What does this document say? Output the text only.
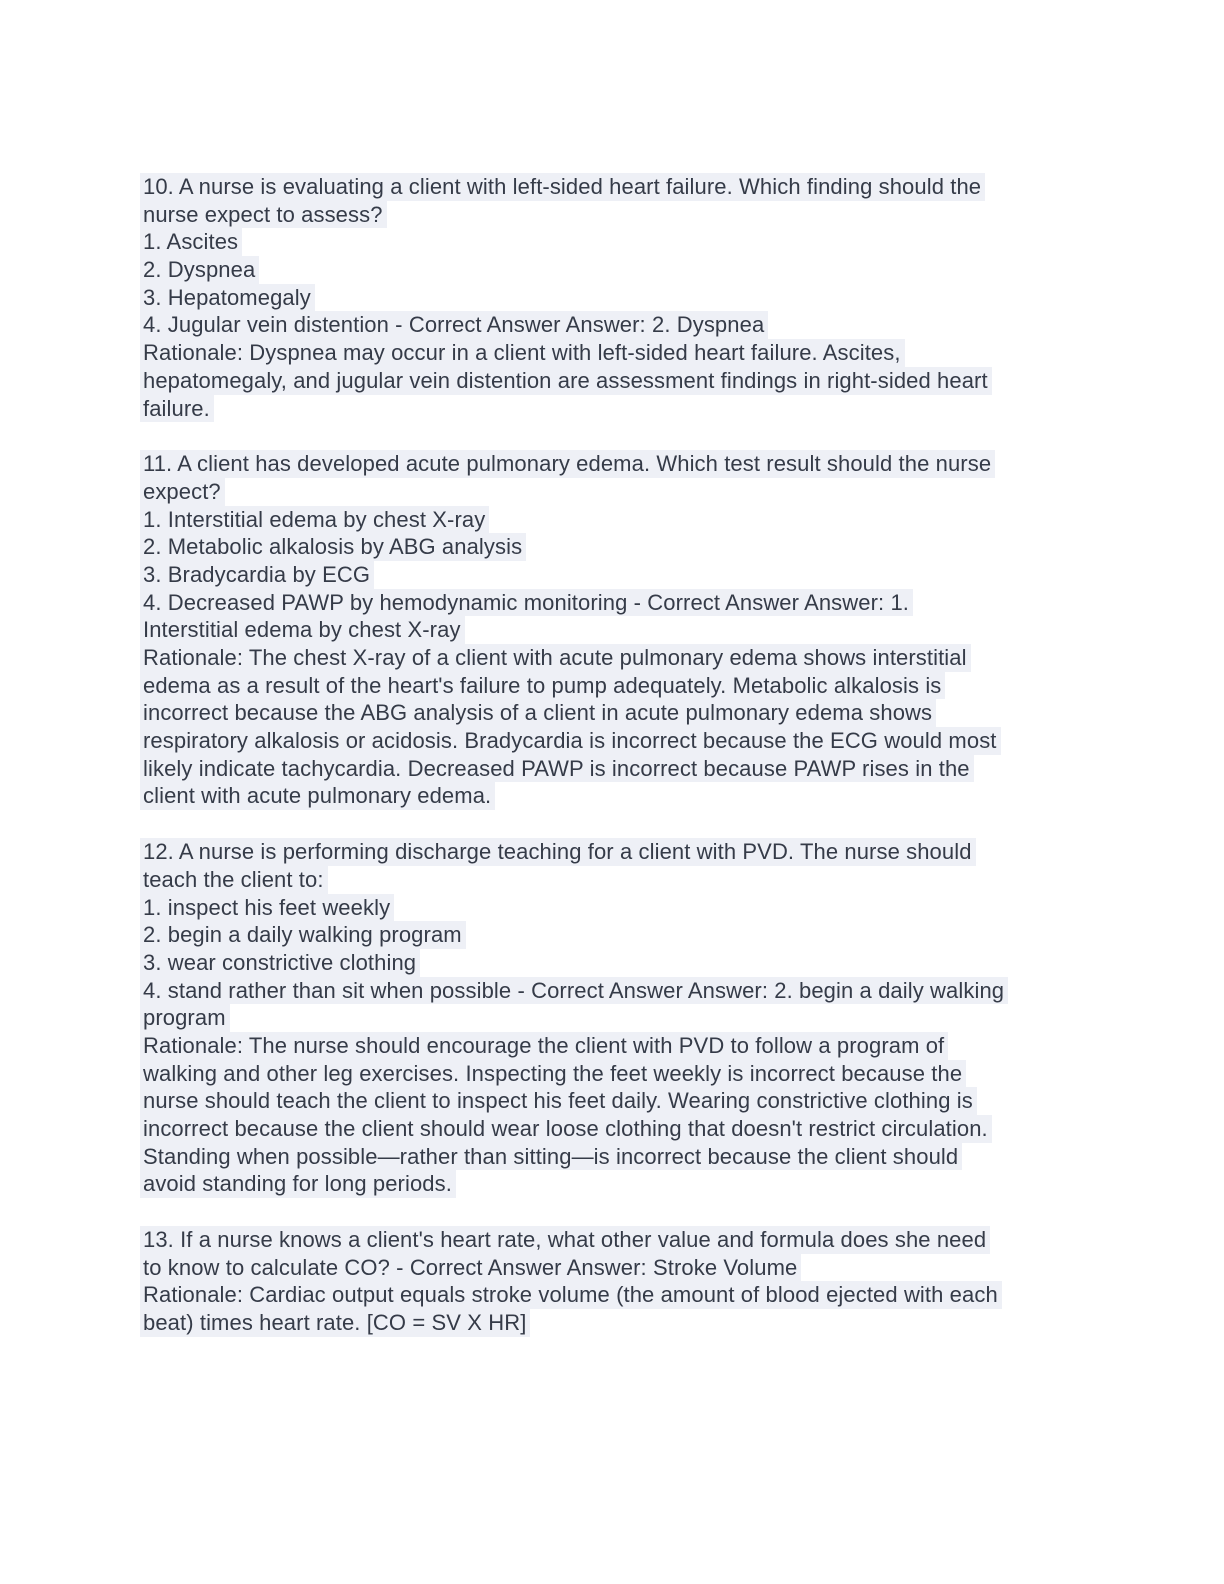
10. A nurse is evaluating a client with left-sided heart failure. Which finding should the
nurse expect to assess?
1. Ascites
2. Dyspnea
3. Hepatomegaly
4. Jugular vein distention - Correct Answer Answer: 2. Dyspnea
Rationale: Dyspnea may occur in a client with left-sided heart failure. Ascites,
hepatomegaly, and jugular vein distention are assessment findings in right-sided heart
failure.
11. A client has developed acute pulmonary edema. Which test result should the nurse
expect?
1. Interstitial edema by chest X-ray
2. Metabolic alkalosis by ABG analysis
3. Bradycardia by ECG
4. Decreased PAWP by hemodynamic monitoring - Correct Answer Answer: 1.
Interstitial edema by chest X-ray
Rationale: The chest X-ray of a client with acute pulmonary edema shows interstitial
edema as a result of the heart's failure to pump adequately. Metabolic alkalosis is
incorrect because the ABG analysis of a client in acute pulmonary edema shows
respiratory alkalosis or acidosis. Bradycardia is incorrect because the ECG would most
likely indicate tachycardia. Decreased PAWP is incorrect because PAWP rises in the
client with acute pulmonary edema.
12. A nurse is performing discharge teaching for a client with PVD. The nurse should
teach the client to:
1. inspect his feet weekly
2. begin a daily walking program
3. wear constrictive clothing
4. stand rather than sit when possible - Correct Answer Answer: 2. begin a daily walking
program
Rationale: The nurse should encourage the client with PVD to follow a program of
walking and other leg exercises. Inspecting the feet weekly is incorrect because the
nurse should teach the client to inspect his feet daily. Wearing constrictive clothing is
incorrect because the client should wear loose clothing that doesn't restrict circulation.
Standing when possible—rather than sitting—is incorrect because the client should
avoid standing for long periods.
13. If a nurse knows a client's heart rate, what other value and formula does she need
to know to calculate CO? - Correct Answer Answer: Stroke Volume
Rationale: Cardiac output equals stroke volume (the amount of blood ejected with each
beat) times heart rate. [CO = SV X HR]
